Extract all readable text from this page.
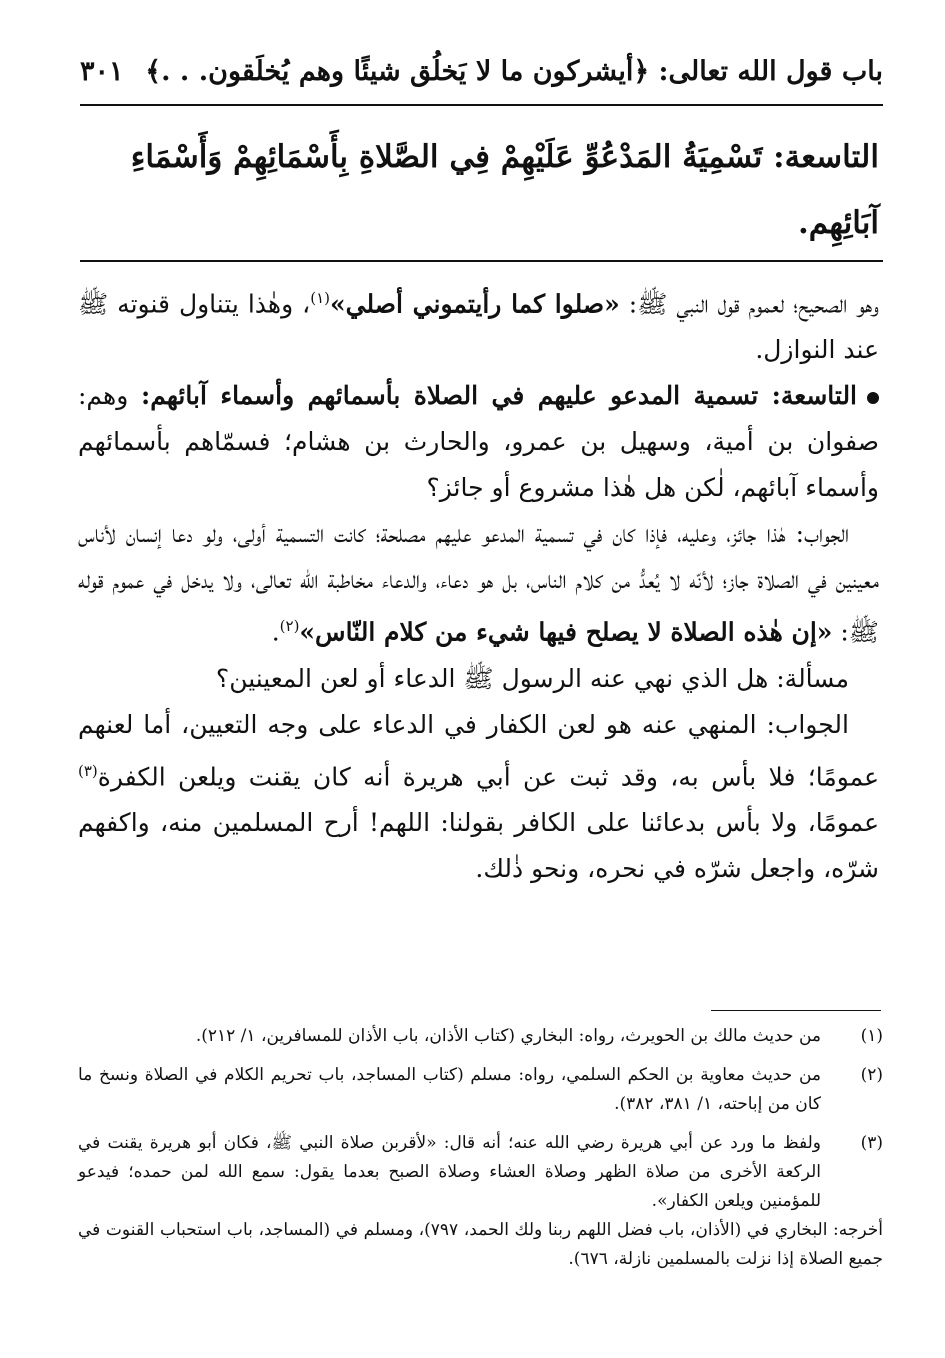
باب قول الله تعالى: ﴿أيشركون ما لا يَخلُق شيئًا وهم يُخلَقون. . .﴾
٣٠١
التاسعة: تَسْمِيَةُ المَدْعُوِّ عَلَيْهِمْ فِي الصَّلاةِ بِأَسْمَائِهِمْ وَأَسْمَاءِ آبَائِهِم.

وهو الصحيح؛ لعموم قول النبي ﷺ: «صلوا كما رأيتموني أصلي»$^{(١)}$، وهٰذا يتناول قنوته ﷺ عند النوازل.

التاسعة: تسمية المدعو عليهم في الصلاة بأسمائهم وأسماء آبائهم: وهم: صفوان بن أمية، وسهيل بن عمرو، والحارث بن هشام؛ فسمّاهم بأسمائهم وأسماء آبائهم، لٰكن هل هٰذا مشروع أو جائز؟

الجواب: هٰذا جائز، وعليه، فإذا كان في تسمية المدعو عليهم مصلحة؛ كانت التسمية أولى، ولو دعا إنسان لأناس معينين في الصلاة جاز؛ لأنّه لا يُعدُّ من كلام الناس، بل هو دعاء، والدعاء مخاطبة الله تعالى، ولا يدخل في عموم قوله ﷺ: «إن هٰذه الصلاة لا يصلح فيها شيء من كلام النّاس»$^{(٢)}$.

مسألة: هل الذي نهي عنه الرسول ﷺ الدعاء أو لعن المعينين؟

الجواب: المنهي عنه هو لعن الكفار في الدعاء على وجه التعيين، أما لعنهم عمومًا؛ فلا بأس به، وقد ثبت عن أبي هريرة أنه كان يقنت ويلعن الكفرة$^{(٣)}$ عمومًا، ولا بأس بدعائنا على الكافر بقولنا: اللهم! أرح المسلمين منه، واكفهم شرّه، واجعل شرّه في نحره، ونحو ذٰلك.

(١)
من حديث مالك بن الحويرث، رواه: البخاري (كتاب الأذان، باب الأذان للمسافرين، ١/ ٢١٢).
(٢)
من حديث معاوية بن الحكم السلمي، رواه: مسلم (كتاب المساجد، باب تحريم الكلام في الصلاة ونسخ ما كان من إباحته، ١/ ٣٨١، ٣٨٢).
(٣)
ولفظ ما ورد عن أبي هريرة رضي الله عنه؛ أنه قال: «لأقربن صلاة النبي ﷺ، فكان أبو هريرة يقنت في الركعة الأخرى من صلاة الظهر وصلاة العشاء وصلاة الصبح بعدما يقول: سمع الله لمن حمده؛ فيدعو للمؤمنين ويلعن الكفار».
أخرجه: البخاري في (الأذان، باب فضل اللهم ربنا ولك الحمد، ٧٩٧)، ومسلم في (المساجد، باب استحباب القنوت في جميع الصلاة إذا نزلت بالمسلمين نازلة، ٦٧٦).
